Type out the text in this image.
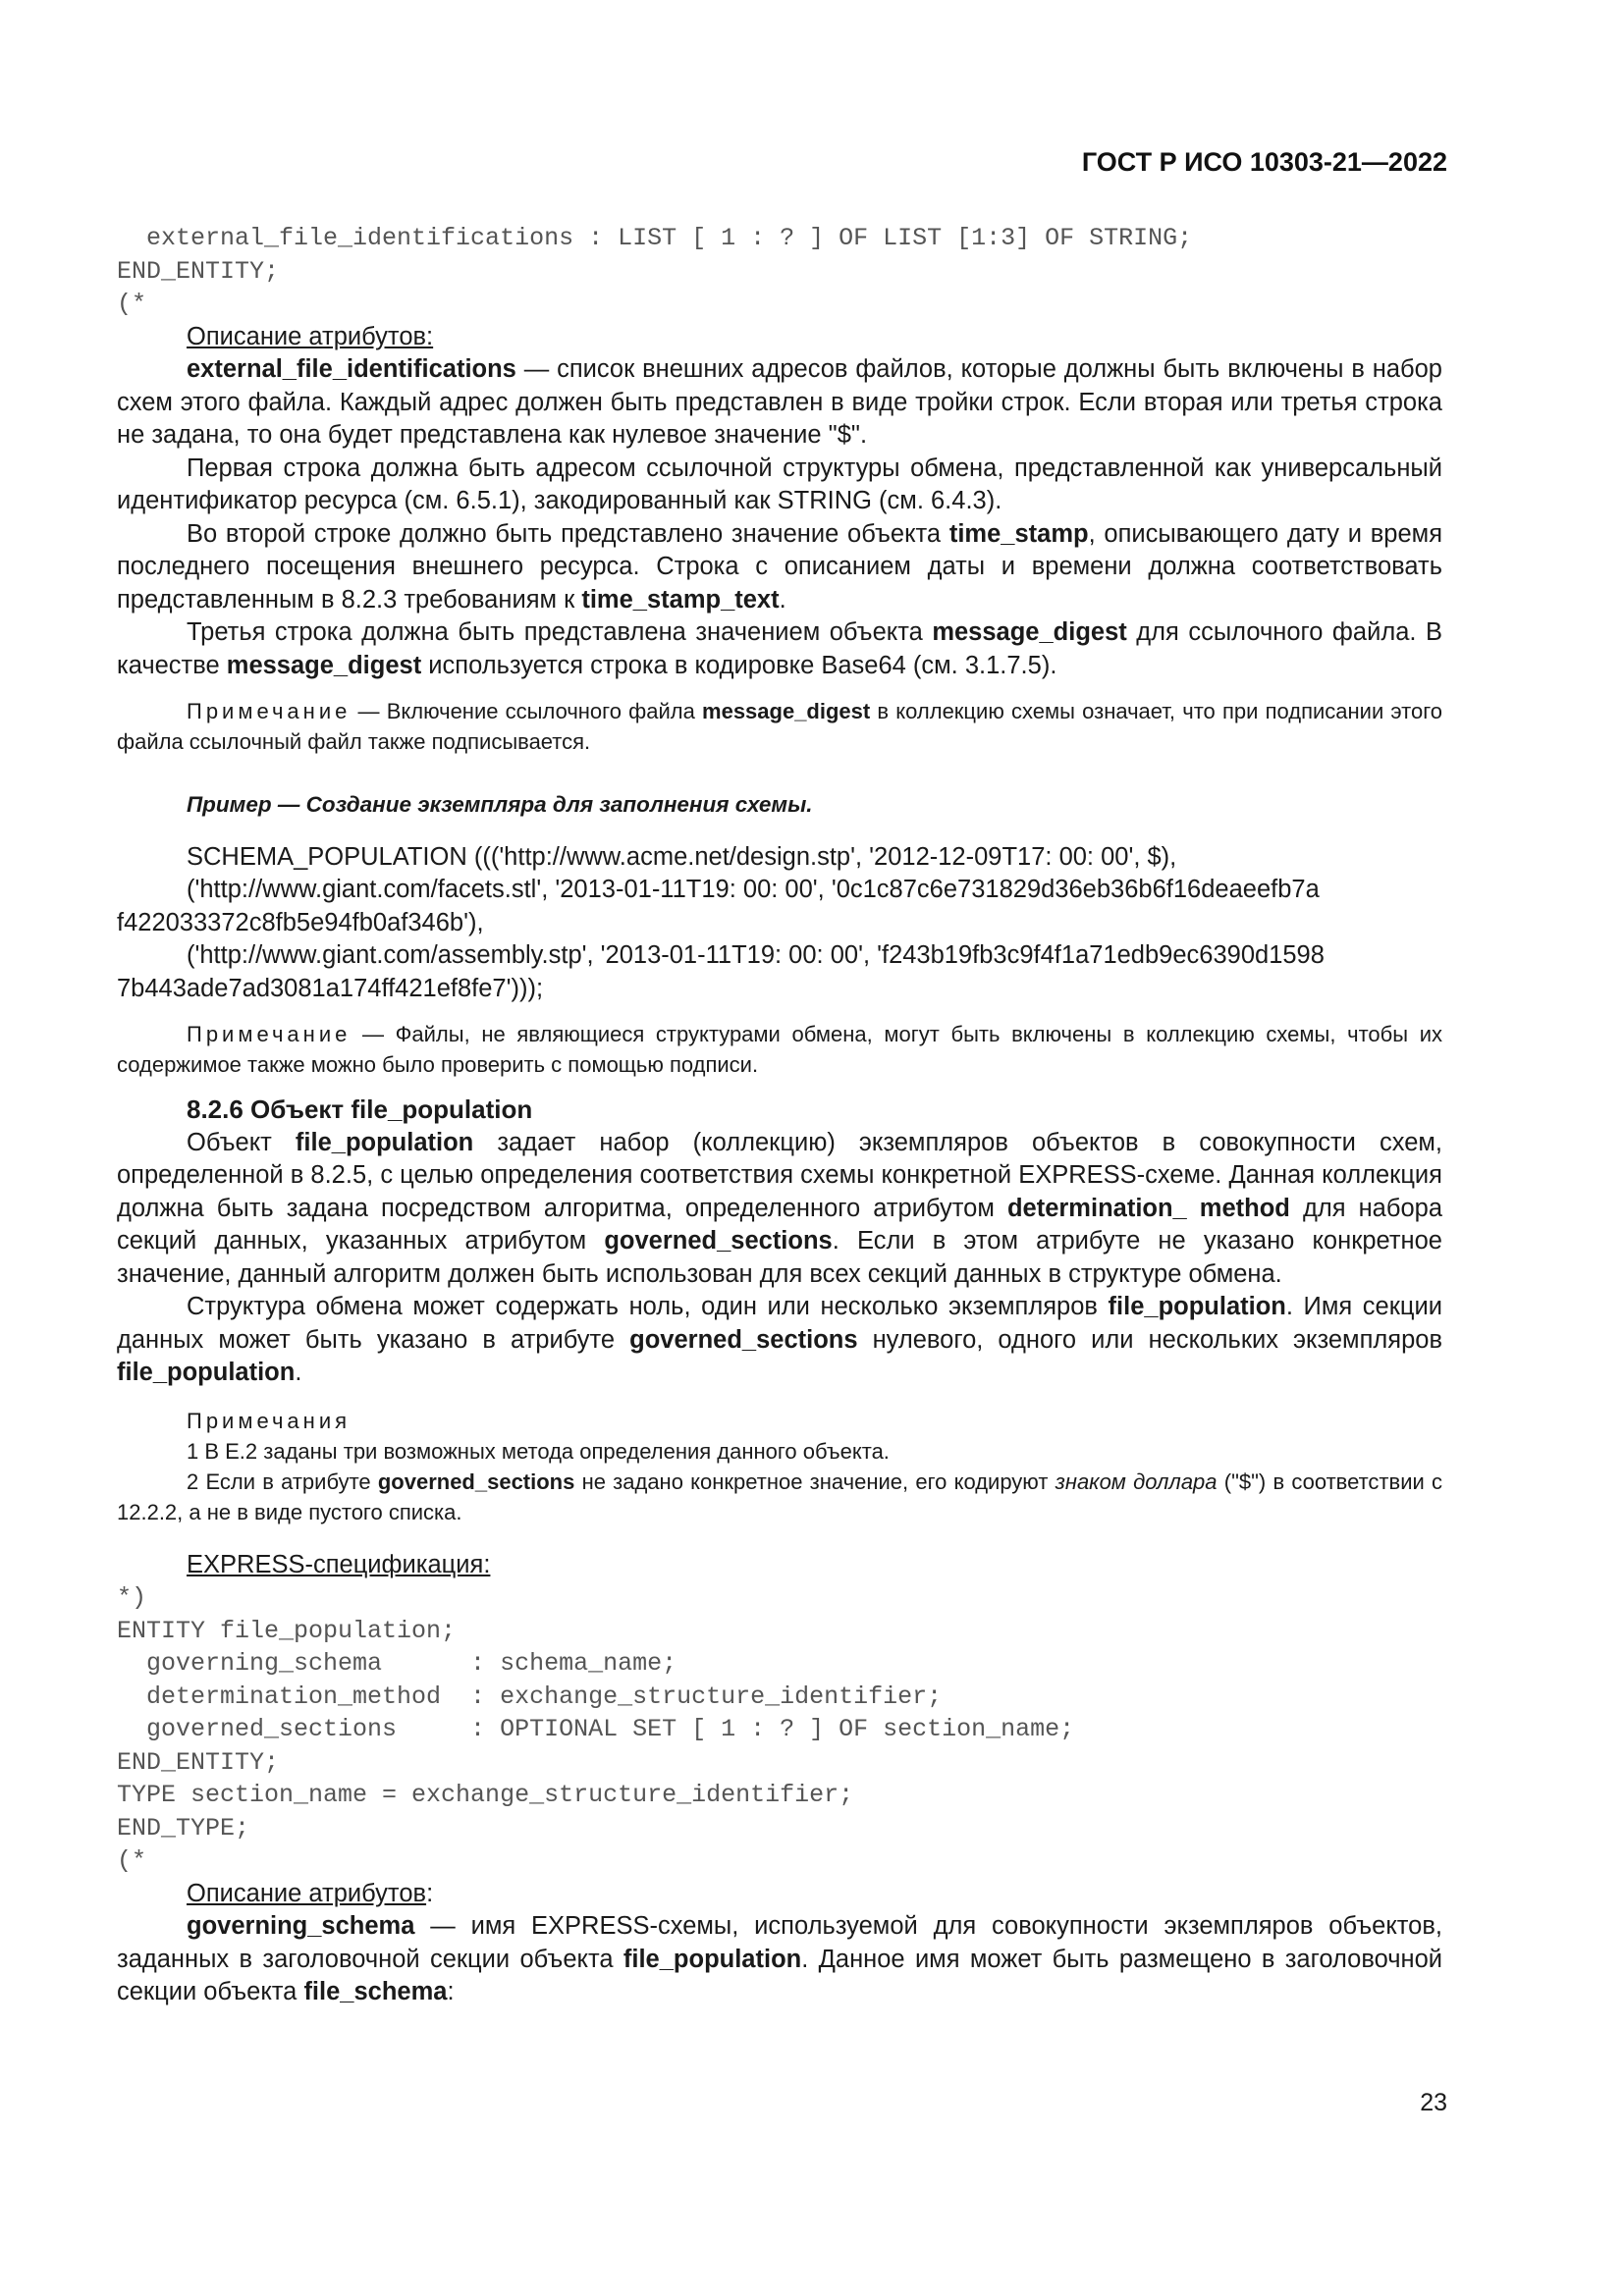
ГОСТ Р ИСО 10303-21—2022
external_file_identifications : LIST [ 1 : ? ] OF LIST [1:3] OF STRING;
END_ENTITY;
(*

Описание атрибутов:

external_file_identifications — список внешних адресов файлов, которые должны быть включены в набор схем этого файла. Каждый адрес должен быть представлен в виде тройки строк. Если вторая или третья строка не задана, то она будет представлена как нулевое значение "$".

Первая строка должна быть адресом ссылочной структуры обмена, представленной как универсальный идентификатор ресурса (см. 6.5.1), закодированный как STRING (см. 6.4.3).

Во второй строке должно быть представлено значение объекта time_stamp, описывающего дату и время последнего посещения внешнего ресурса. Строка с описанием даты и времени должна соответствовать представленным в 8.2.3 требованиям к time_stamp_text.

Третья строка должна быть представлена значением объекта message_digest для ссылочного файла. В качестве message_digest используется строка в кодировке Base64 (см. 3.1.7.5).

Примечание — Включение ссылочного файла message_digest в коллекцию схемы означает, что при подписании этого файла ссылочный файл также подписывается.

Пример — Создание экземпляра для заполнения схемы.

SCHEMA_POPULATION ((('http://www.acme.net/design.stp', '2012-12-09T17: 00: 00', $),

('http://www.giant.com/facets.stl', '2013-01-11T19: 00: 00', '0c1c87c6e731829d36eb36b6f16deaeefb7a f422033372c8fb5e94fb0af346b'),

('http://www.giant.com/assembly.stp', '2013-01-11T19: 00: 00', 'f243b19fb3c9f4f1a71edb9ec6390d1598 7b443ade7ad3081a174ff421ef8fe7')));

Примечание — Файлы, не являющиеся структурами обмена, могут быть включены в коллекцию схемы, чтобы их содержимое также можно было проверить с помощью подписи.

8.2.6 Объект file_population

Объект file_population задает набор (коллекцию) экземпляров объектов в совокупности схем, определенной в 8.2.5, с целью определения соответствия схемы конкретной EXPRESS-схеме. Данная коллекция должна быть задана посредством алгоритма, определенного атрибутом determination_ method для набора секций данных, указанных атрибутом governed_sections. Если в этом атрибуте не указано конкретное значение, данный алгоритм должен быть использован для всех секций данных в структуре обмена.

Структура обмена может содержать ноль, один или несколько экземпляров file_population. Имя секции данных может быть указано в атрибуте governed_sections нулевого, одного или нескольких экземпляров file_population.

Примечания

1 В Е.2 заданы три возможных метода определения данного объекта.

2 Если в атрибуте governed_sections не задано конкретное значение, его кодируют знаком доллара ("$") в соответствии с 12.2.2, а не в виде пустого списка.

EXPRESS-спецификация:

*)
ENTITY file_population;
governing_schema      : schema_name;
determination_method  : exchange_structure_identifier;
governed_sections     : OPTIONAL SET [ 1 : ? ] OF section_name;
END_ENTITY;
TYPE section_name = exchange_structure_identifier;
END_TYPE;
(*

Описание атрибутов:

governing_schema — имя EXPRESS-схемы, используемой для совокупности экземпляров объектов, заданных в заголовочной секции объекта file_population. Данное имя может быть размещено в заголовочной секции объекта file_schema:

23
